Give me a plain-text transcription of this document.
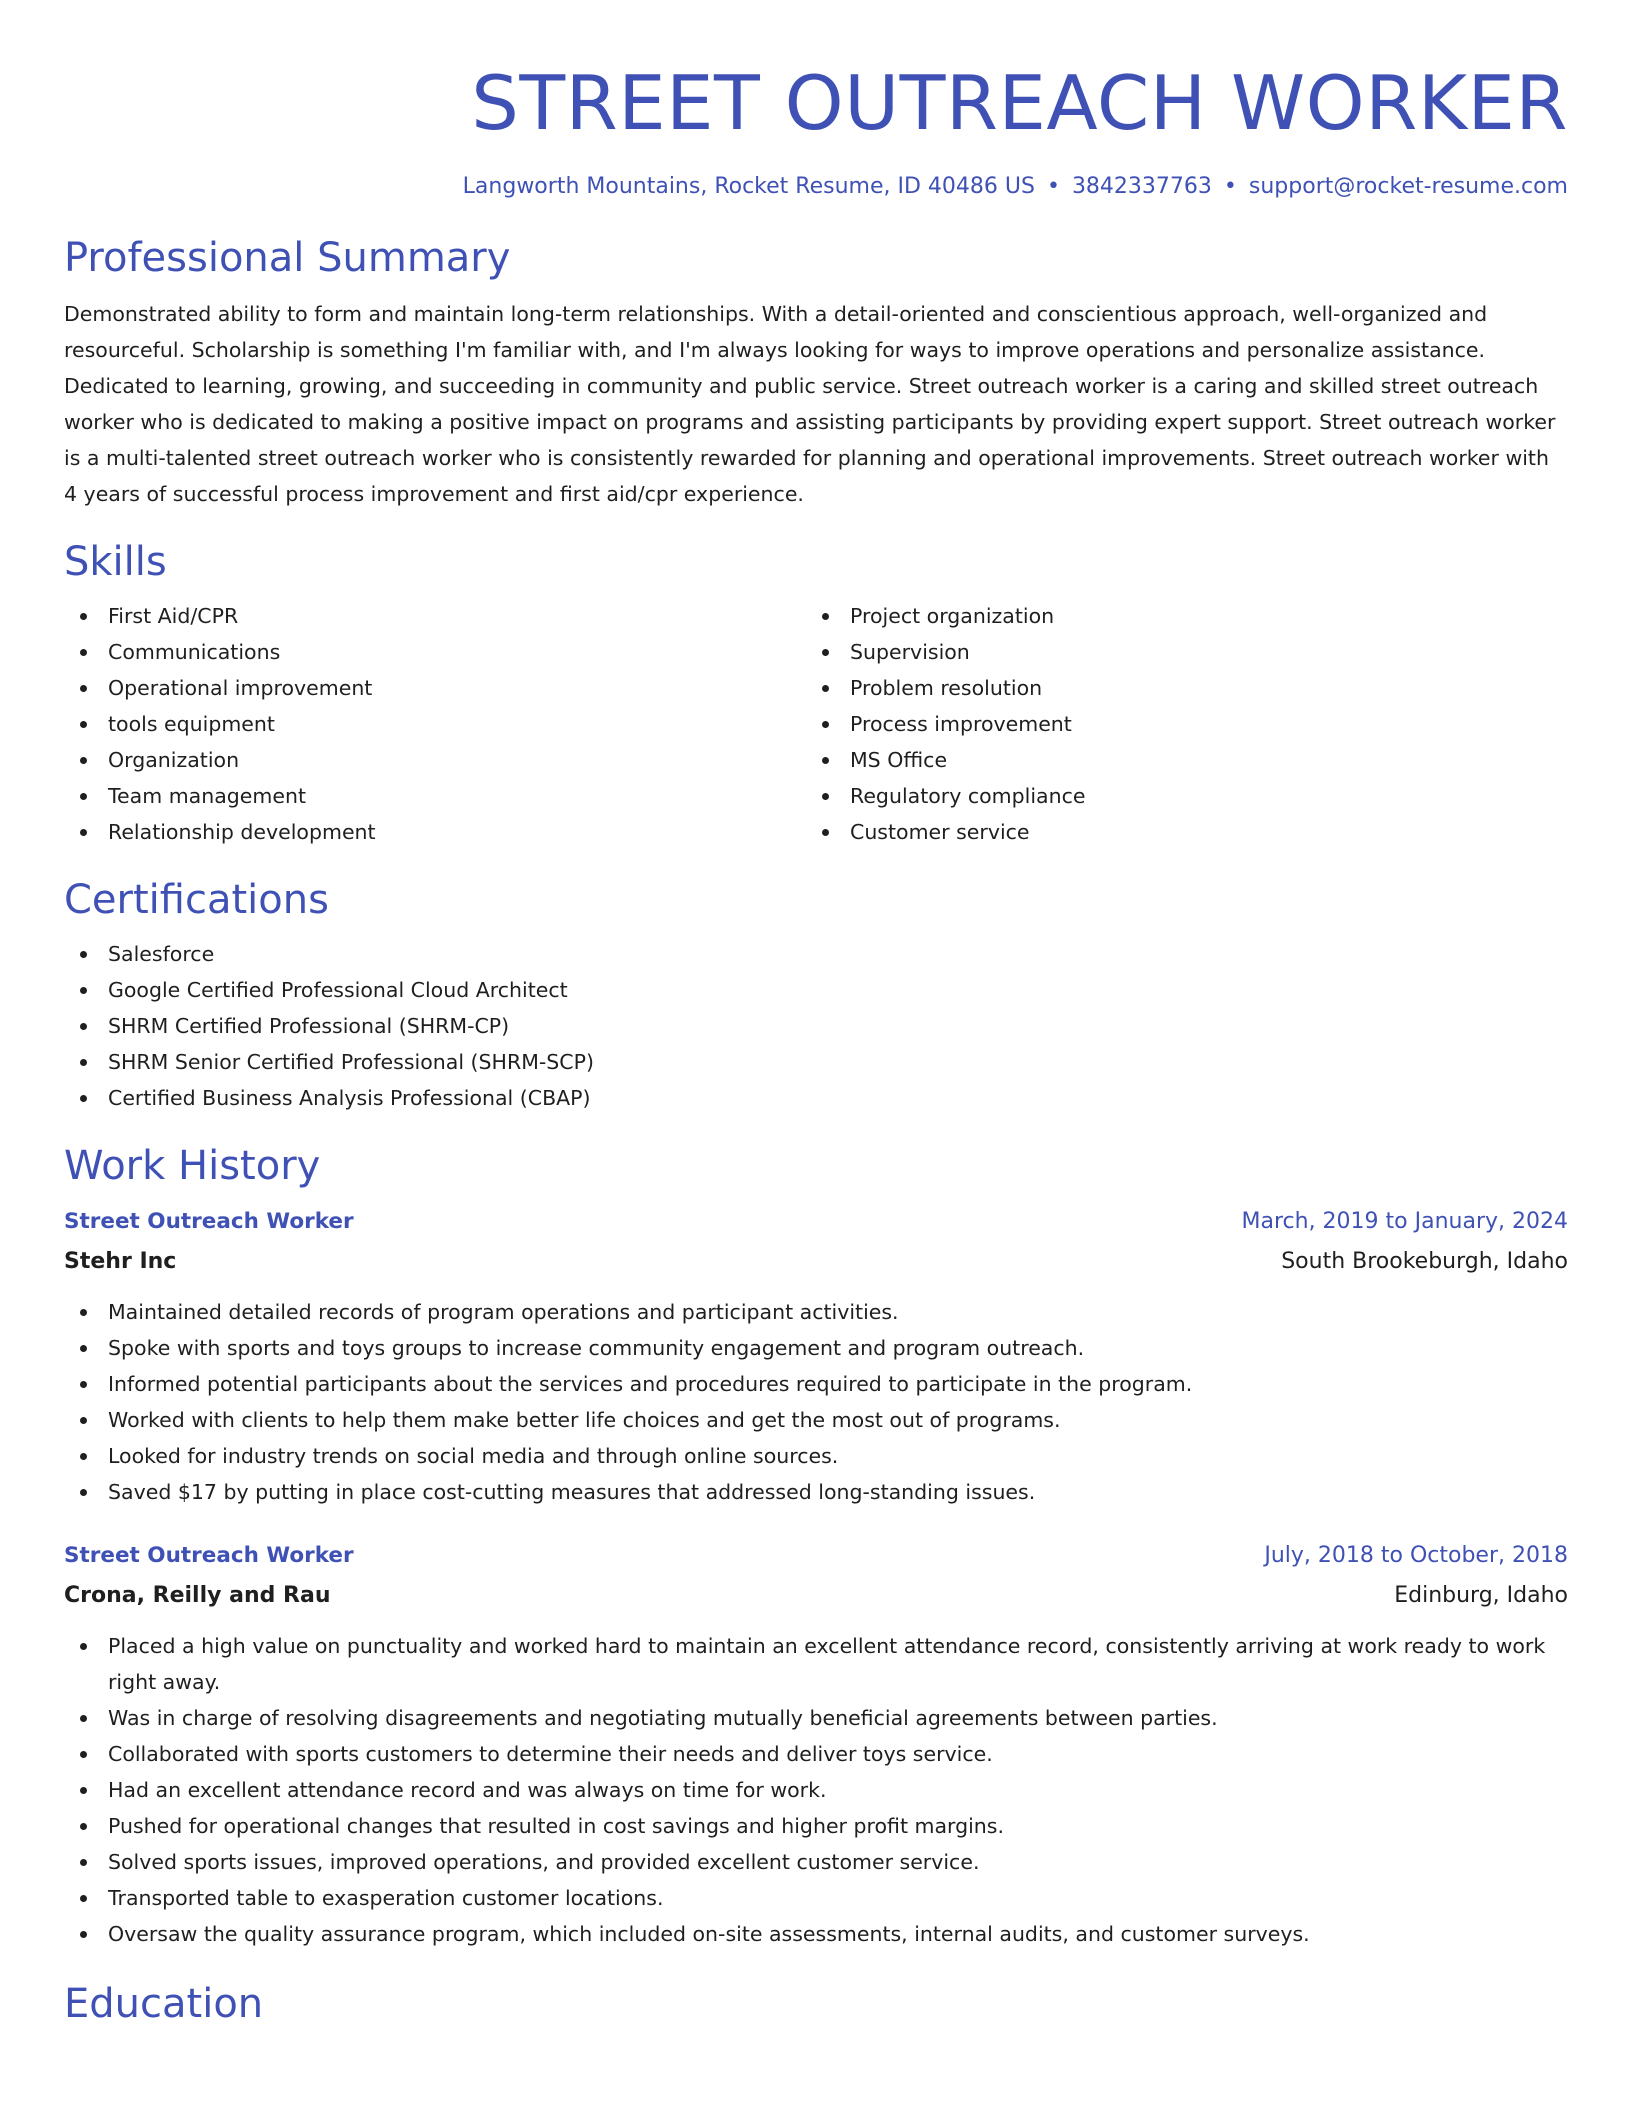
STREET OUTREACH WORKER
Langworth Mountains, Rocket Resume, ID 40486 US • 3842337763 • support@rocket-resume.com
Professional Summary

Demonstrated ability to form and maintain long-term relationships. With a detail-oriented and conscientious approach, well-organized and resourceful. Scholarship is something I'm familiar with, and I'm always looking for ways to improve operations and personalize assistance. Dedicated to learning, growing, and succeeding in community and public service. Street outreach worker is a caring and skilled street outreach worker who is dedicated to making a positive impact on programs and assisting participants by providing expert support. Street outreach worker is a multi-talented street outreach worker who is consistently rewarded for planning and operational improvements. Street outreach worker with 4 years of successful process improvement and first aid/cpr experience.

Skills
First Aid/CPR
Communications
Operational improvement
tools equipment
Organization
Team management
Relationship development
Project organization
Supervision
Problem resolution
Process improvement
MS Office
Regulatory compliance
Customer service
Certifications
Salesforce
Google Certified Professional Cloud Architect
SHRM Certified Professional (SHRM-CP)
SHRM Senior Certified Professional (SHRM-SCP)
Certified Business Analysis Professional (CBAP)
Work History
Street Outreach Worker	March, 2019 to January, 2024
Stehr Inc	South Brookeburgh, Idaho
Maintained detailed records of program operations and participant activities.
Spoke with sports and toys groups to increase community engagement and program outreach.
Informed potential participants about the services and procedures required to participate in the program.
Worked with clients to help them make better life choices and get the most out of programs.
Looked for industry trends on social media and through online sources.
Saved $17 by putting in place cost-cutting measures that addressed long-standing issues.
Street Outreach Worker	July, 2018 to October, 2018
Crona, Reilly and Rau	Edinburg, Idaho
Placed a high value on punctuality and worked hard to maintain an excellent attendance record, consistently arriving at work ready to work right away.
Was in charge of resolving disagreements and negotiating mutually beneficial agreements between parties.
Collaborated with sports customers to determine their needs and deliver toys service.
Had an excellent attendance record and was always on time for work.
Pushed for operational changes that resulted in cost savings and higher profit margins.
Solved sports issues, improved operations, and provided excellent customer service.
Transported table to exasperation customer locations.
Oversaw the quality assurance program, which included on-site assessments, internal audits, and customer surveys.
Education
